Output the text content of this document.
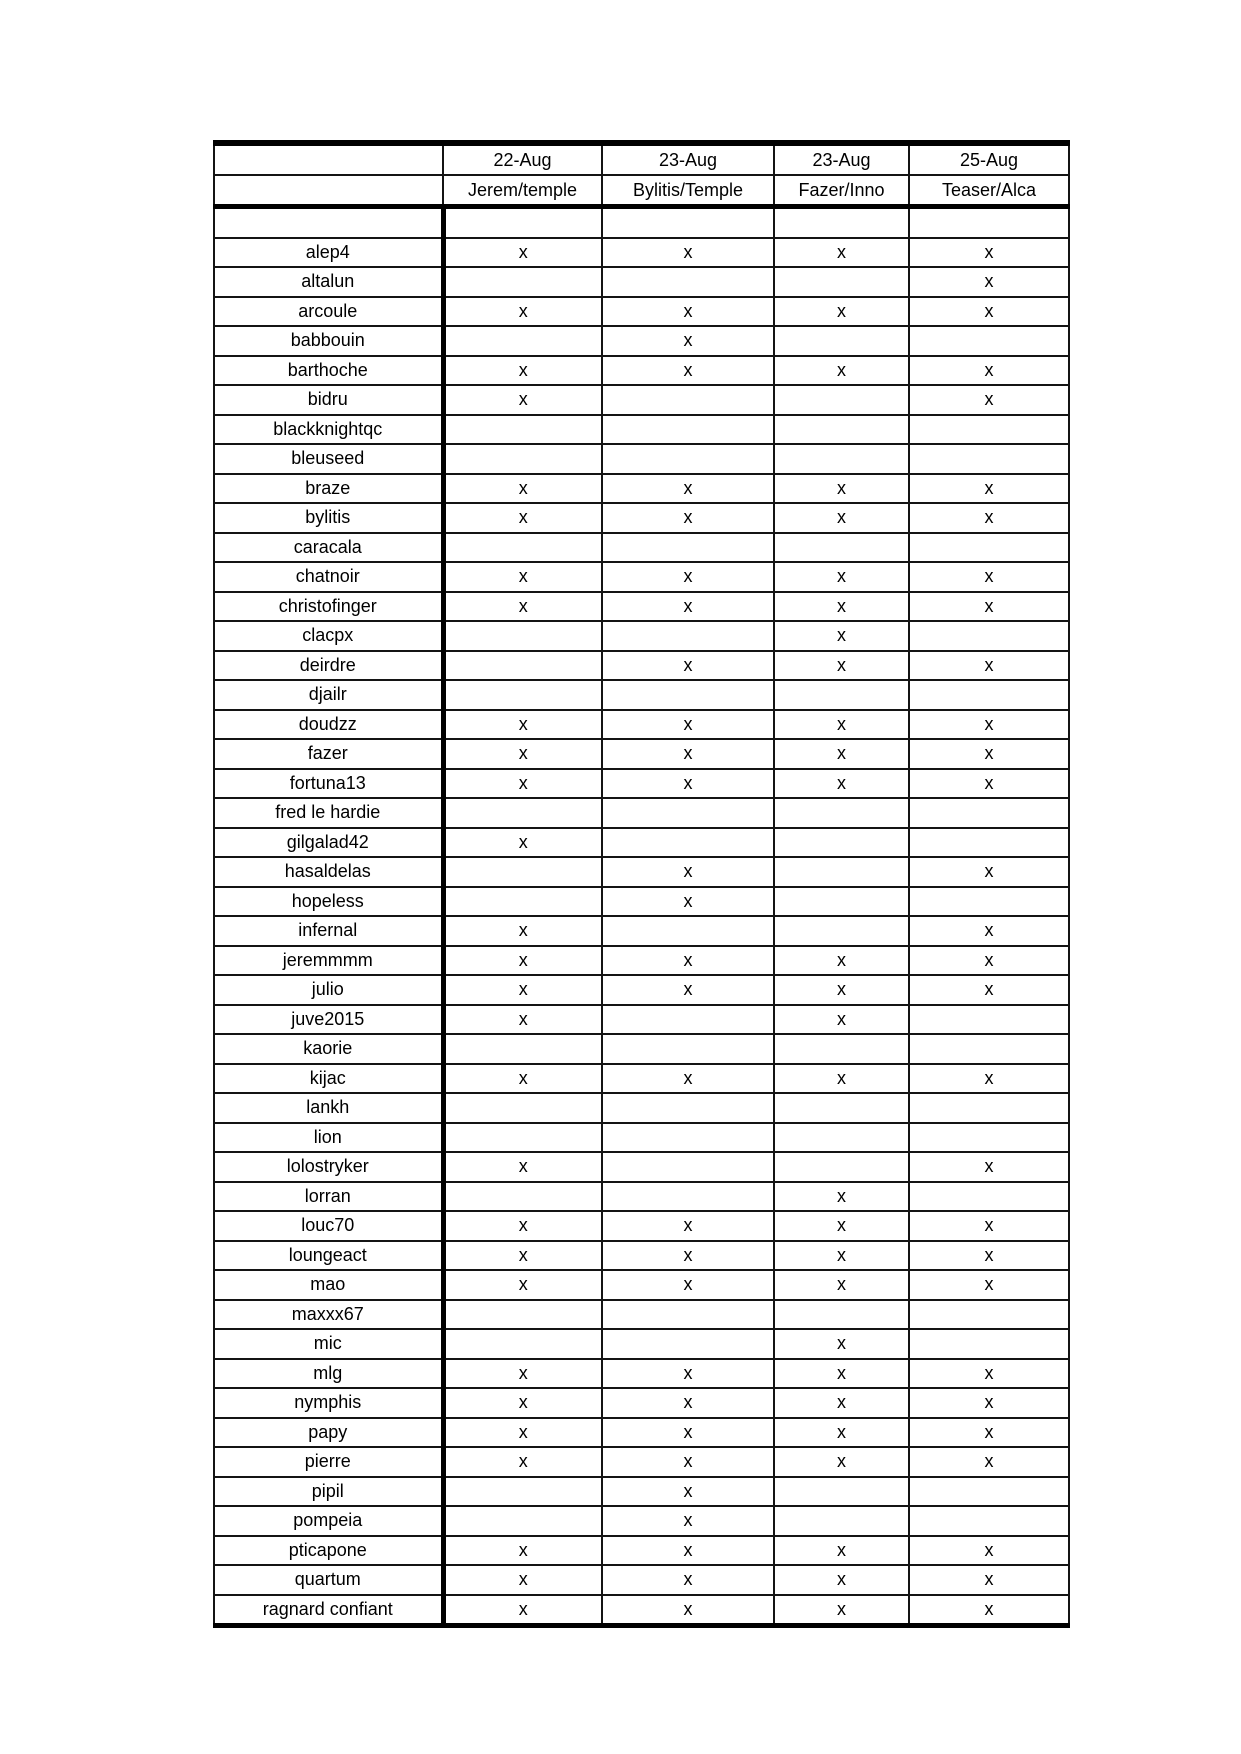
	22-Aug	23-Aug	23-Aug	25-Aug
	Jerem/temple	Bylitis/Temple	Fazer/Inno	Teaser/Alca

alep4	x	x	x	x
altalun				x
arcoule	x	x	x	x
babbouin		x		
barthoche	x	x	x	x
bidru	x			x
blackknightqc				
bleuseed				
braze	x	x	x	x
bylitis	x	x	x	x
caracala				
chatnoir	x	x	x	x
christofinger	x	x	x	x
clacpx			x	
deirdre		x	x	x
djailr				
doudzz	x	x	x	x
fazer	x	x	x	x
fortuna13	x	x	x	x
fred le hardie				
gilgalad42	x			
hasaldelas		x		x
hopeless		x		
infernal	x			x
jeremmmm	x	x	x	x
julio	x	x	x	x
juve2015	x		x	
kaorie				
kijac	x	x	x	x
lankh				
lion				
lolostryker	x			x
lorran			x	
louc70	x	x	x	x
loungeact	x	x	x	x
mao	x	x	x	x
maxxx67				
mic			x	
mlg	x	x	x	x
nymphis	x	x	x	x
papy	x	x	x	x
pierre	x	x	x	x
pipil		x		
pompeia		x		
pticapone	x	x	x	x
quartum	x	x	x	x
ragnard confiant	x	x	x	x
